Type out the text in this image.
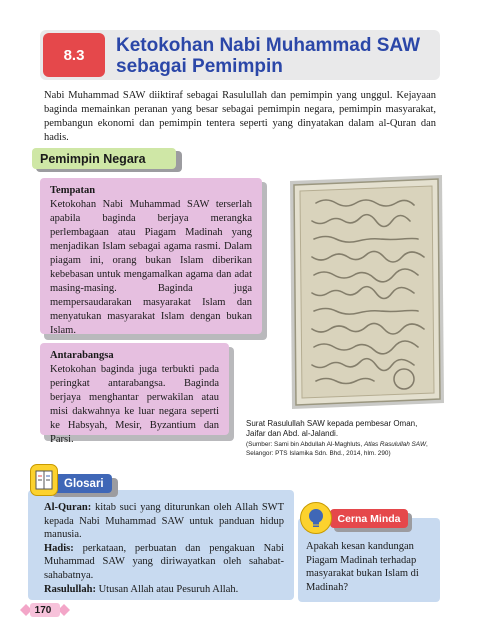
8.3	Ketokohan Nabi Muhammad SAW sebagai Pemimpin
Nabi Muhammad SAW diiktiraf sebagai Rasulullah dan pemimpin yang unggul. Kejayaan baginda memainkan peranan yang besar sebagai pemimpin negara, pemimpin masyarakat, pembangun ekonomi dan pemimpin tentera seperti yang dinyatakan dalam al-Quran dan hadis.
Pemimpin Negara
Tempatan
Ketokohan Nabi Muhammad SAW terserlah apabila baginda berjaya merangka perlembagaan atau Piagam Madinah yang menjadikan Islam sebagai agama rasmi. Dalam piagam ini, orang bukan Islam diberikan kebebasan untuk mengamalkan agama dan adat masing-masing. Baginda juga mempersaudarakan masyarakat Islam dan menyatukan masyarakat Islam dengan bukan Islam.
Antarabangsa
Ketokohan baginda juga terbukti pada peringkat antarabangsa. Baginda berjaya menghantar perwakilan atau misi dakwahnya ke luar negara seperti ke Habsyah, Mesir, Byzantium dan Parsi.
Surat Rasulullah SAW kepada pembesar Oman, Jaifar dan Abd. al-Jalandi.
(Sumber: Sami bin Abdullah Al-Maghluts, Atlas Rasulullah SAW, Selangor: PTS Islamika Sdn. Bhd., 2014, hlm. 290)
Glosari

Al-Quran: kitab suci yang diturunkan oleh Allah SWT kepada Nabi Muhammad SAW untuk panduan hidup manusia.

Hadis: perkataan, perbuatan dan pengakuan Nabi Muhammad SAW yang diriwayatkan oleh sahabat-sahabatnya.

Rasulullah: Utusan Allah atau Pesuruh Allah.

Cerna Minda
Apakah kesan kandungan Piagam Madinah terhadap masyarakat bukan Islam di Madinah?
170
